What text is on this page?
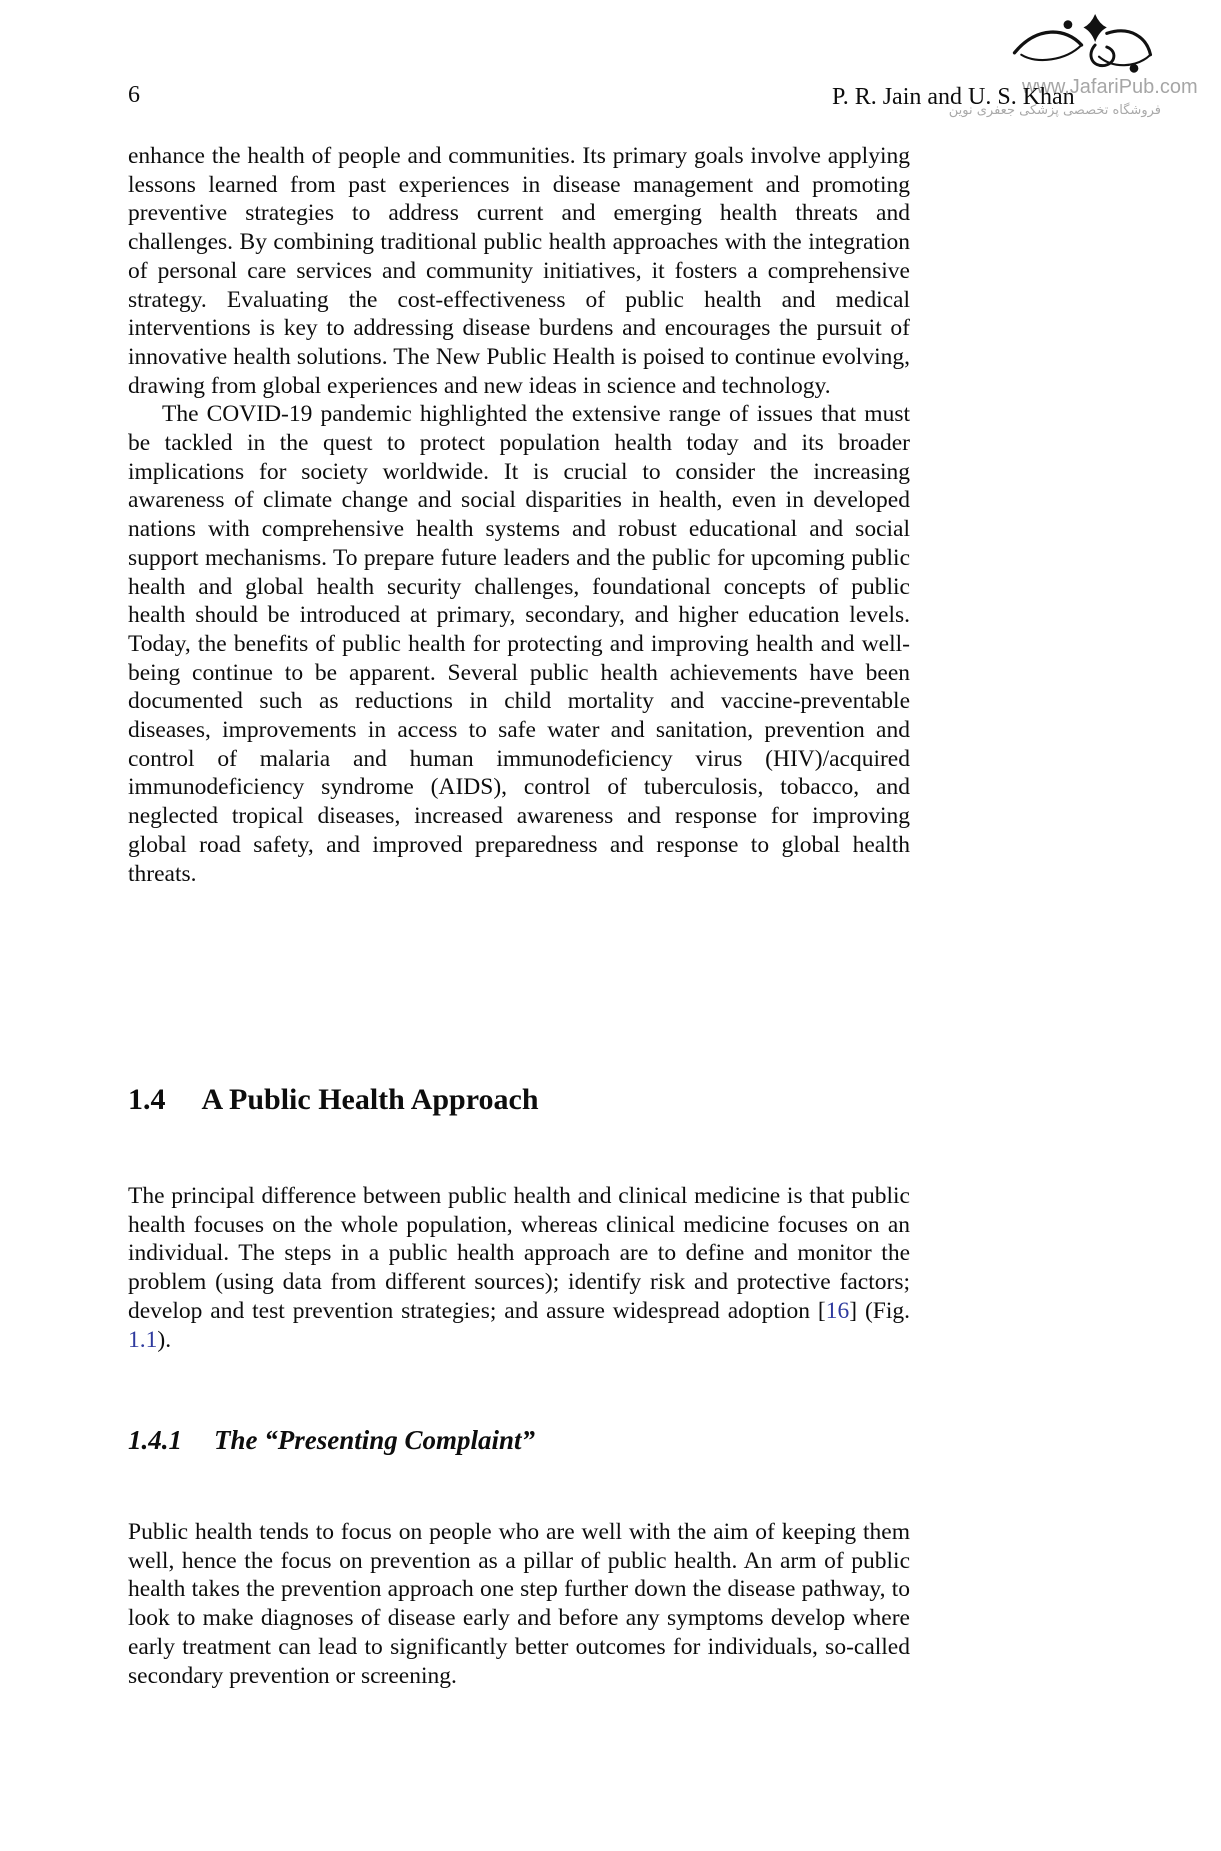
6	P. R. Jain and U. S. Khan
www.JafariPub.com
فروشگاه تخصصی پزشکی جعفری نوین

enhance the health of people and communities. Its primary goals involve applying lessons learned from past experiences in disease management and promoting preventive strategies to address current and emerging health threats and challenges. By combining traditional public health approaches with the integration of personal care services and community initiatives, it fosters a comprehensive strategy. Evaluating the cost-effectiveness of public health and medical interventions is key to addressing disease burdens and encourages the pursuit of innovative health solutions. The New Public Health is poised to continue evolving, drawing from global experiences and new ideas in science and technology.

The COVID-19 pandemic highlighted the extensive range of issues that must be tackled in the quest to protect population health today and its broader implications for society worldwide. It is crucial to consider the increasing awareness of climate change and social disparities in health, even in developed nations with comprehensive health systems and robust educational and social support mechanisms. To prepare future leaders and the public for upcoming public health and global health security challenges, foundational concepts of public health should be introduced at primary, secondary, and higher education levels. Today, the benefits of public health for protecting and improving health and well-being continue to be apparent. Several public health achievements have been documented such as reductions in child mortality and vaccine-preventable diseases, improvements in access to safe water and sanitation, prevention and control of malaria and human immunodeficiency virus (HIV)/acquired immunodeficiency syndrome (AIDS), control of tuberculosis, tobacco, and neglected tropical diseases, increased awareness and response for improving global road safety, and improved preparedness and response to global health threats.

1.4 A Public Health Approach

The principal difference between public health and clinical medicine is that public health focuses on the whole population, whereas clinical medicine focuses on an individual. The steps in a public health approach are to define and monitor the problem (using data from different sources); identify risk and protective factors; develop and test prevention strategies; and assure widespread adoption [16] (Fig. 1.1).

1.4.1 The “Presenting Complaint”

Public health tends to focus on people who are well with the aim of keeping them well, hence the focus on prevention as a pillar of public health. An arm of public health takes the prevention approach one step further down the disease pathway, to look to make diagnoses of disease early and before any symptoms develop where early treatment can lead to significantly better outcomes for individuals, so-called secondary prevention or screening.
